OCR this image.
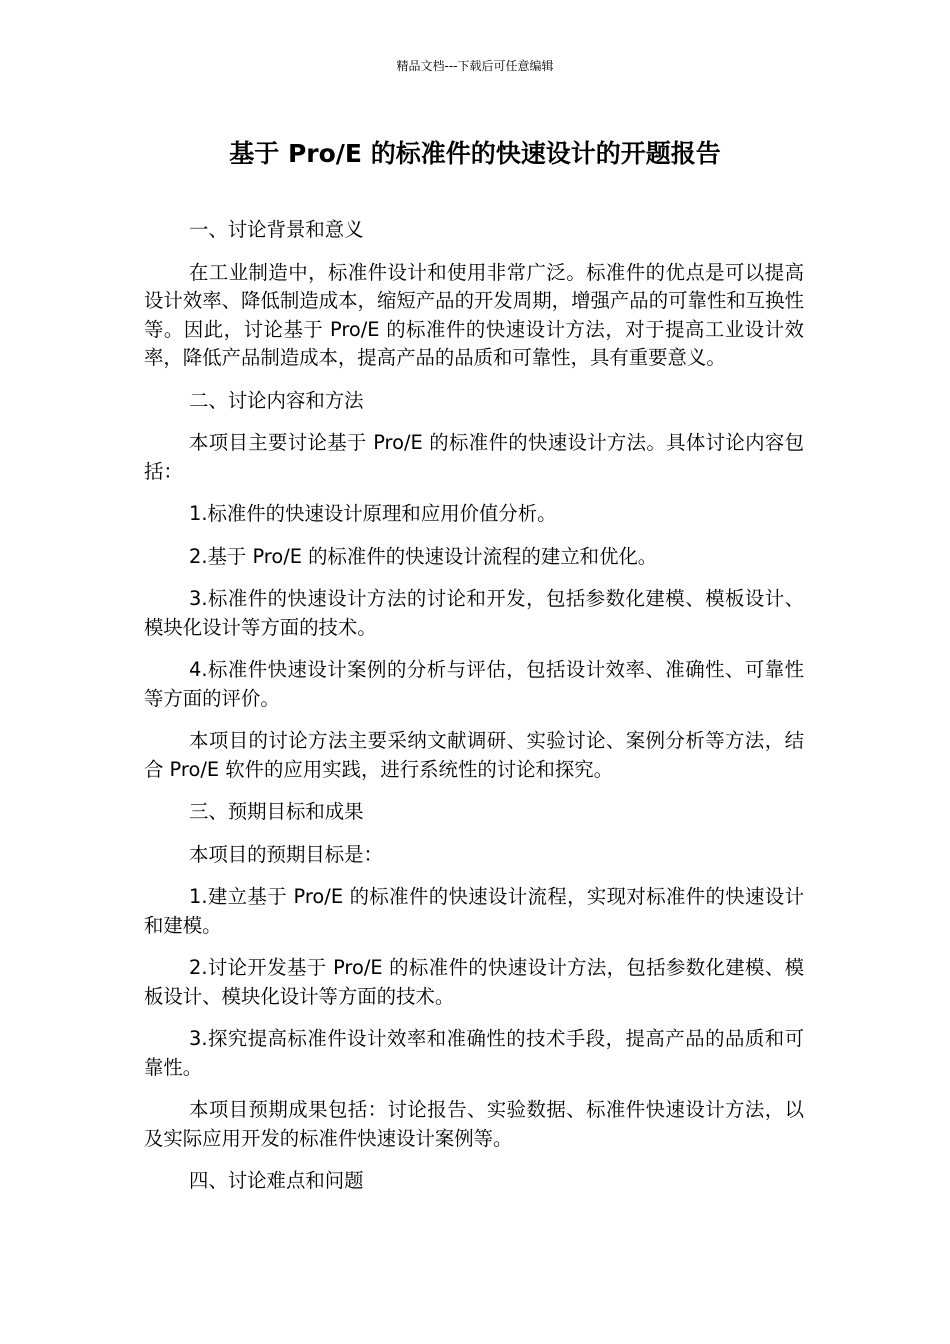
精品文档---下载后可任意编辑
基于 Pro/E 的标准件的快速设计的开题报告

一、讨论背景和意义

在工业制造中，标准件设计和使用非常广泛。标准件的优点是可以提高设计效率、降低制造成本，缩短产品的开发周期，增强产品的可靠性和互换性等。因此，讨论基于 Pro/E 的标准件的快速设计方法，对于提高工业设计效率，降低产品制造成本，提高产品的品质和可靠性，具有重要意义。

二、讨论内容和方法

本项目主要讨论基于 Pro/E 的标准件的快速设计方法。具体讨论内容包括：

1.标准件的快速设计原理和应用价值分析。

2.基于 Pro/E 的标准件的快速设计流程的建立和优化。

3.标准件的快速设计方法的讨论和开发，包括参数化建模、模板设计、模块化设计等方面的技术。

4.标准件快速设计案例的分析与评估，包括设计效率、准确性、可靠性等方面的评价。

本项目的讨论方法主要采纳文献调研、实验讨论、案例分析等方法，结合 Pro/E 软件的应用实践，进行系统性的讨论和探究。

三、预期目标和成果

本项目的预期目标是：

1.建立基于 Pro/E 的标准件的快速设计流程，实现对标准件的快速设计和建模。

2.讨论开发基于 Pro/E 的标准件的快速设计方法，包括参数化建模、模板设计、模块化设计等方面的技术。

3.探究提高标准件设计效率和准确性的技术手段，提高产品的品质和可靠性。

本项目预期成果包括：讨论报告、实验数据、标准件快速设计方法，以及实际应用开发的标准件快速设计案例等。

四、讨论难点和问题
